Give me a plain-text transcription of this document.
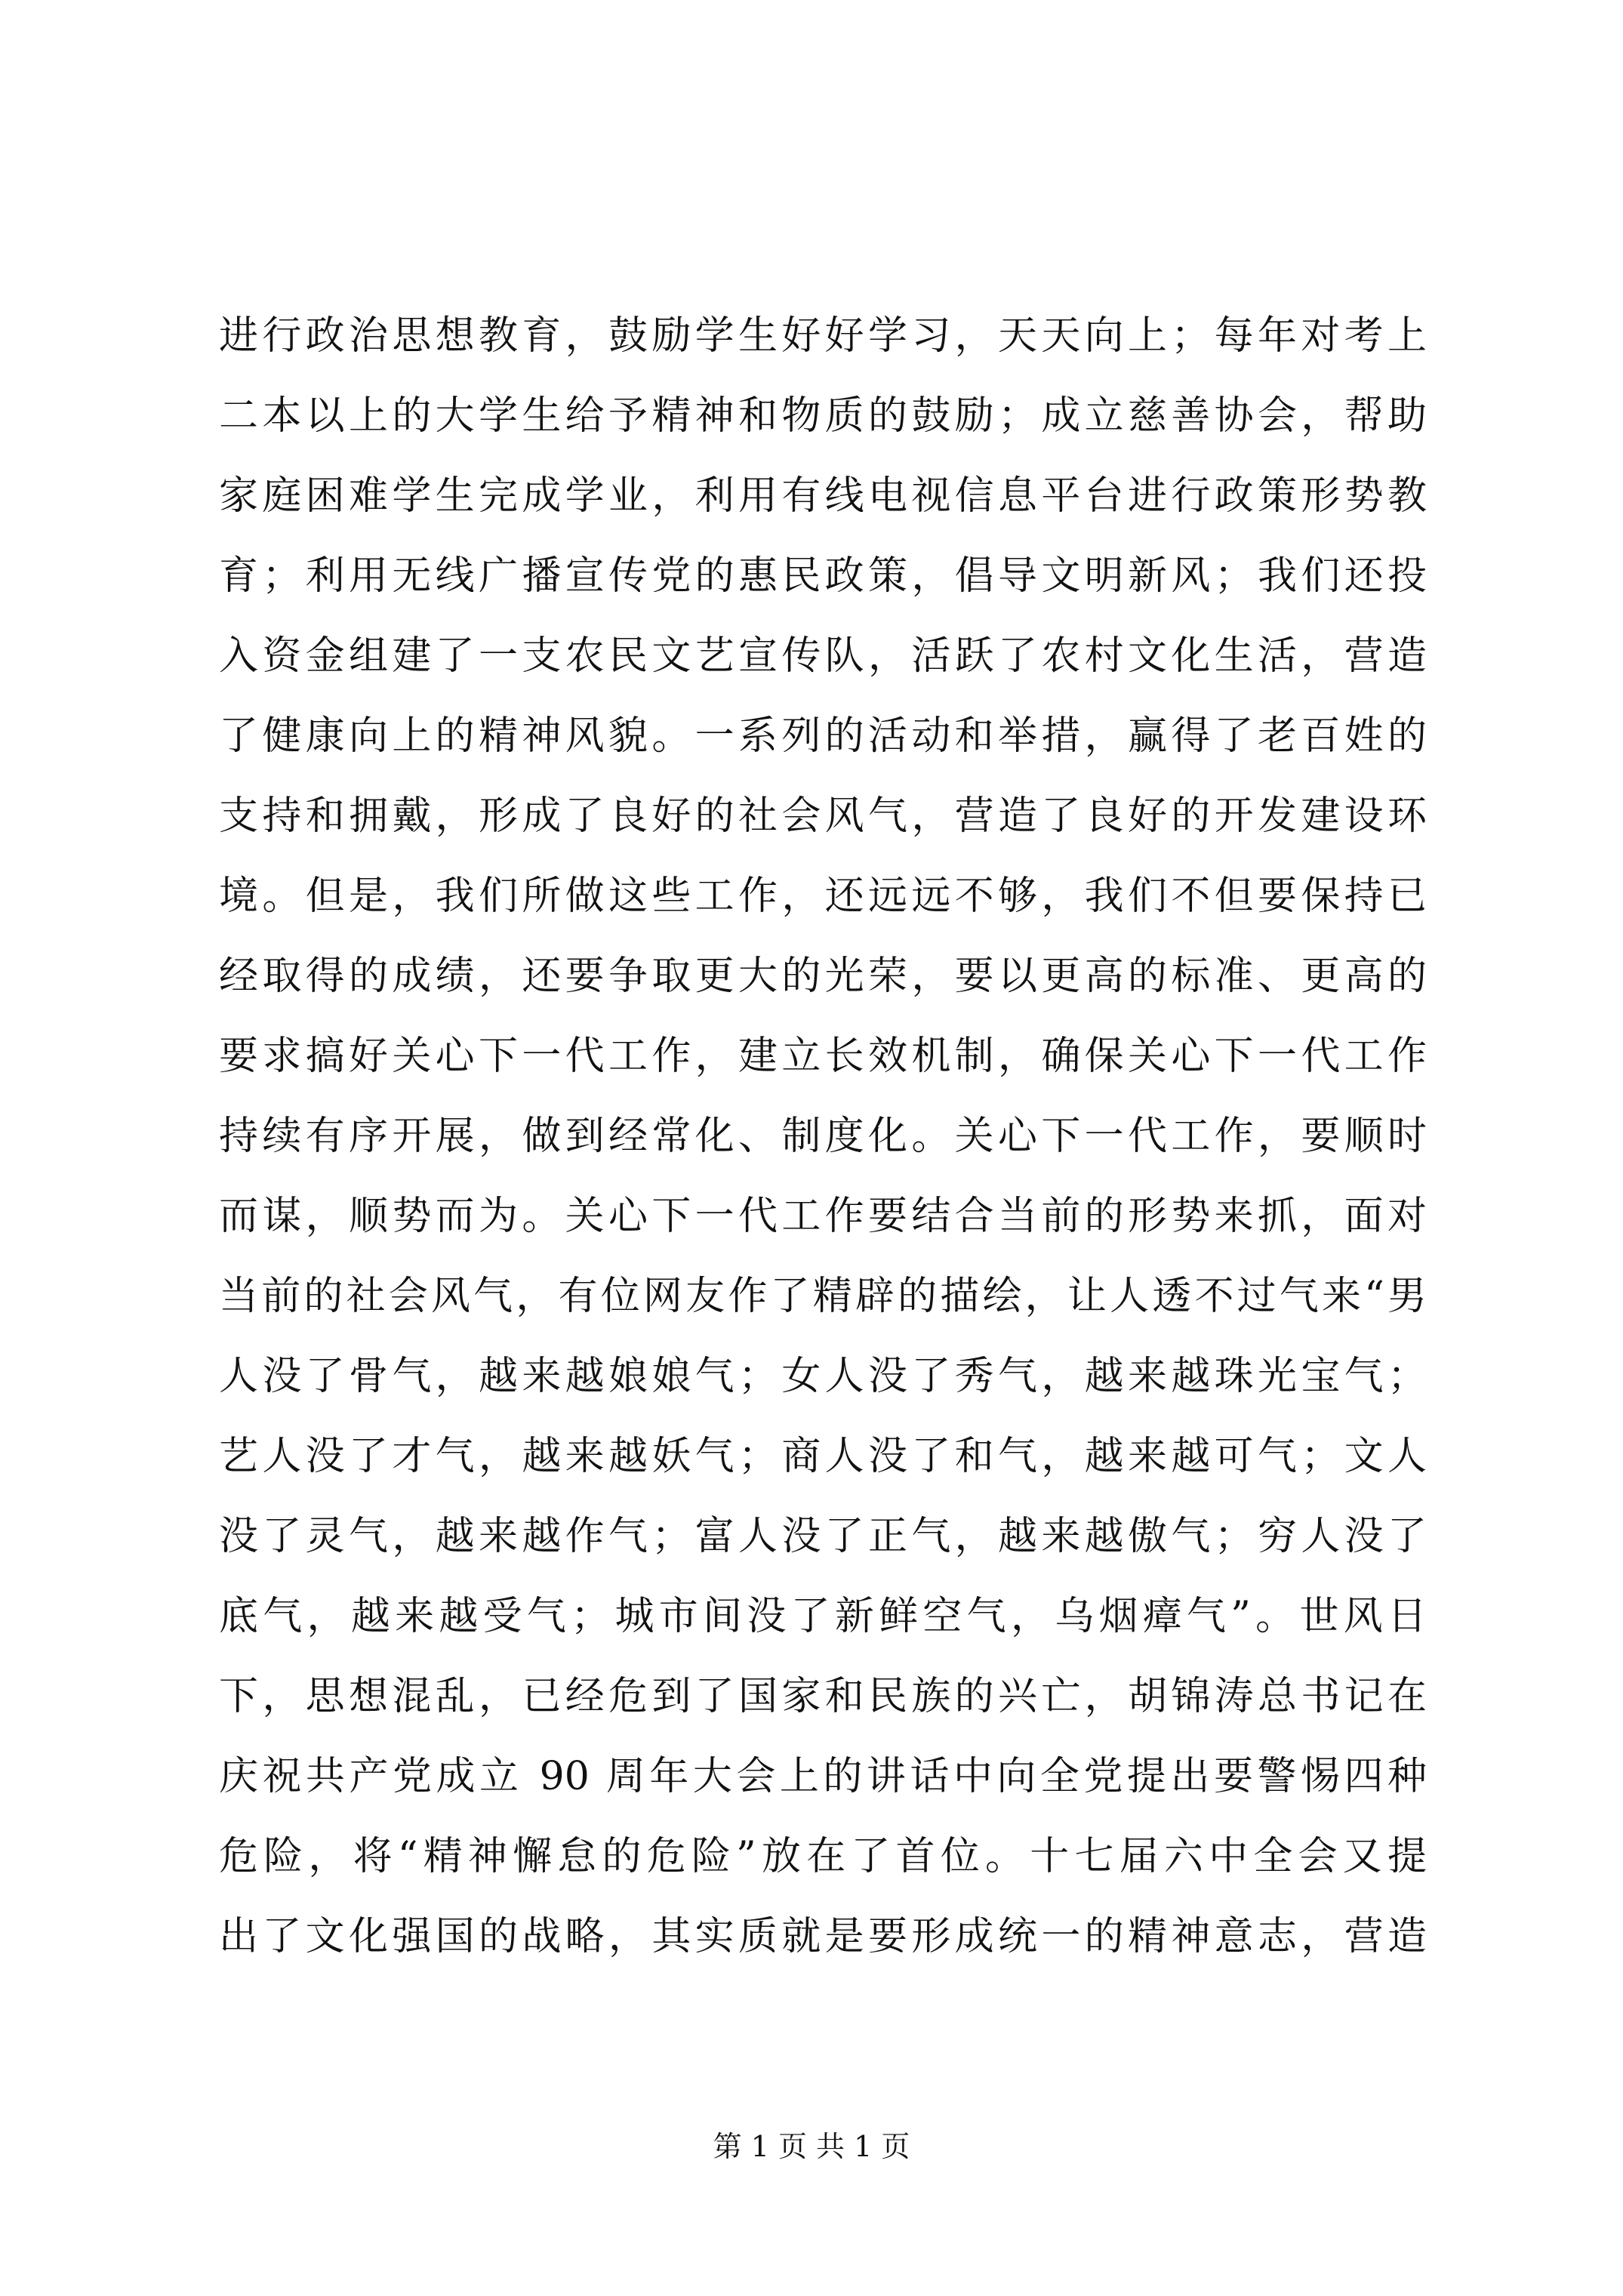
进行政治思想教育，鼓励学生好好学习，天天向上；每年对考上
二本以上的大学生给予精神和物质的鼓励；成立慈善协会，帮助
家庭困难学生完成学业，利用有线电视信息平台进行政策形势教
育；利用无线广播宣传党的惠民政策，倡导文明新风；我们还投
入资金组建了一支农民文艺宣传队，活跃了农村文化生活，营造
了健康向上的精神风貌。一系列的活动和举措，赢得了老百姓的
支持和拥戴，形成了良好的社会风气，营造了良好的开发建设环
境。但是，我们所做这些工作，还远远不够，我们不但要保持已
经取得的成绩，还要争取更大的光荣，要以更高的标准、更高的
要求搞好关心下一代工作，建立长效机制，确保关心下一代工作
持续有序开展，做到经常化、制度化。关心下一代工作，要顺时
而谋，顺势而为。关心下一代工作要结合当前的形势来抓，面对
当前的社会风气，有位网友作了精辟的描绘，让人透不过气来“男
人没了骨气，越来越娘娘气；女人没了秀气，越来越珠光宝气；
艺人没了才气，越来越妖气；商人没了和气，越来越可气；文人
没了灵气，越来越作气；富人没了正气，越来越傲气；穷人没了
底气，越来越受气；城市间没了新鲜空气，乌烟瘴气”。世风日
下，思想混乱，已经危到了国家和民族的兴亡，胡锦涛总书记在
庆祝共产党成立 90 周年大会上的讲话中向全党提出要警惕四种
危险，将“精神懈怠的危险”放在了首位。十七届六中全会又提
出了文化强国的战略，其实质就是要形成统一的精神意志，营造
第 1 页 共 1 页
